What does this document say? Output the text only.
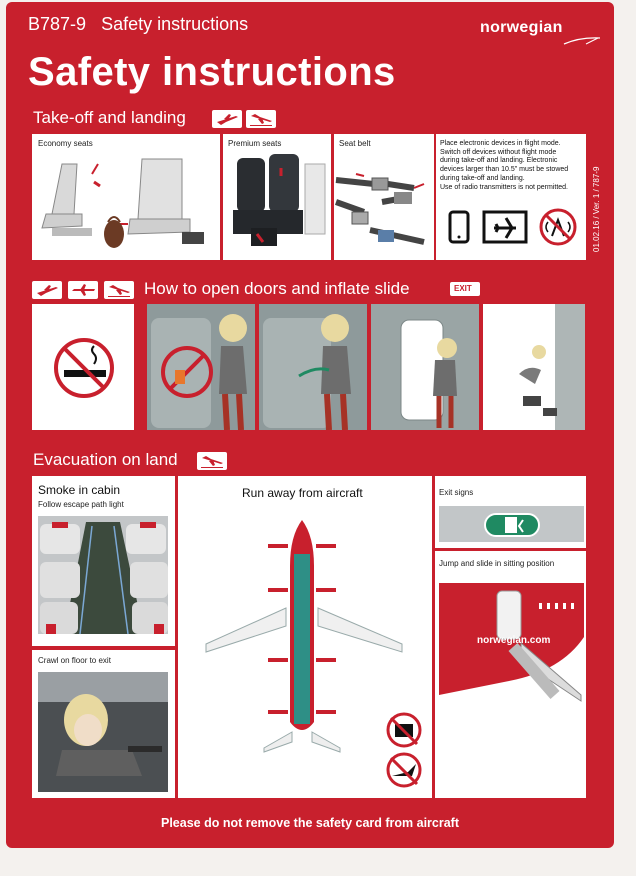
B787-9 Safety instructions	norwegian
Safety instructions
Take-off and landing
Economy seats	Premium seats	Seat belt	Place electronic devices in flight mode.
Switch off devices without flight mode
during take-off and landing. Electronic
devices larger than 10.5" must be stowed
during take-off and landing.
Use of radio transmitters is not permitted.	01.02.16 / Ver. 1 / 787-9
How to open doors and inflate slide	EXIT
Evacuation on land
Smoke in cabin
Follow escape path light
Crawl on floor to exit
Run away from aircraft	Exit signs
Jump and slide in sitting position
norwegian.com
Please do not remove the safety card from aircraft
